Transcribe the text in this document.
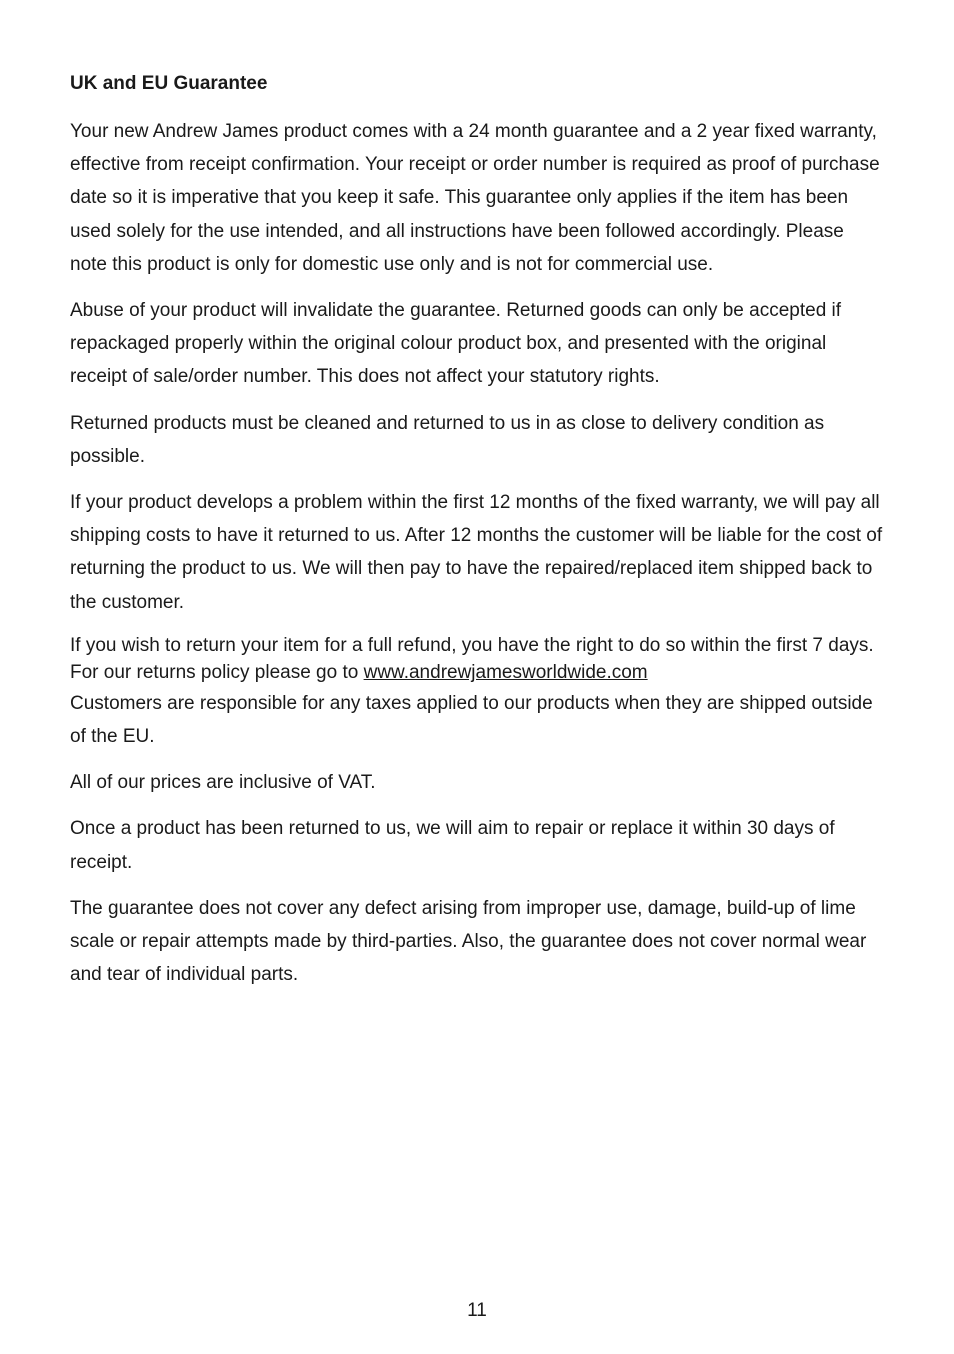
UK and EU Guarantee

Your new Andrew James product comes with a 24 month guarantee and a 2 year fixed warranty, effective from receipt confirmation. Your receipt or order number is required as proof of purchase date so it is imperative that you keep it safe. This guarantee only applies if the item has been used solely for the use intended, and all instructions have been followed accordingly. Please note this product is only for domestic use only and is not for commercial use.

Abuse of your product will invalidate the guarantee. Returned goods can only be accepted if repackaged properly within the original colour product box, and presented with the original receipt of sale/order number. This does not affect your statutory rights.

Returned products must be cleaned and returned to us in as close to delivery condition as possible.

If your product develops a problem within the first 12 months of the fixed warranty, we will pay all shipping costs to have it returned to us. After 12 months the customer will be liable for the cost of returning the product to us. We will then pay to have the repaired/replaced item shipped back to the customer.

If you wish to return your item for a full refund, you have the right to do so within the first 7 days. For our returns policy please go to www.andrewjamesworldwide.com

Customers are responsible for any taxes applied to our products when they are shipped outside of the EU.

All of our prices are inclusive of VAT.

Once a product has been returned to us, we will aim to repair or replace it within 30 days of receipt.

The guarantee does not cover any defect arising from improper use, damage, build-up of lime scale or repair attempts made by third-parties. Also, the guarantee does not cover normal wear and tear of individual parts.

11
